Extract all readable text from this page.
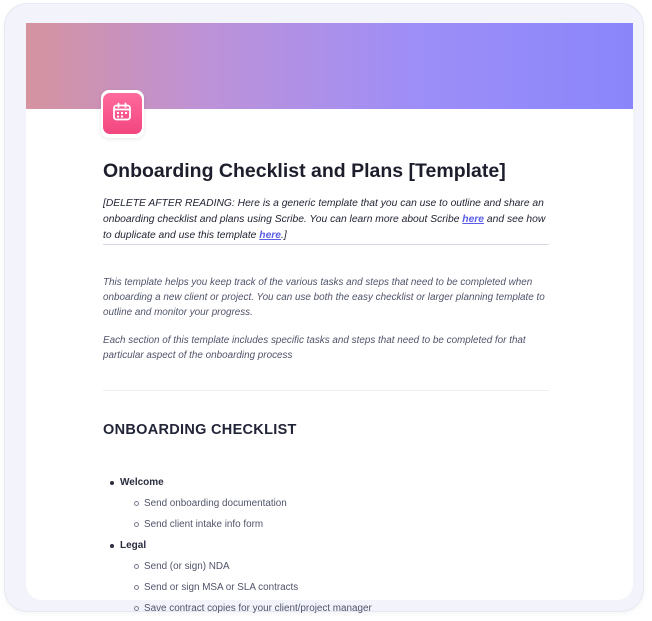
Onboarding Checklist and Plans [Template]

[DELETE AFTER READING: Here is a generic template that you can use to outline and share an onboarding checklist and plans using Scribe. You can learn more about Scribe here and see how to duplicate and use this template here.]

This template helps you keep track of the various tasks and steps that need to be completed when onboarding a new client or project. You can use both the easy checklist or larger planning template to outline and monitor your progress.

Each section of this template includes specific tasks and steps that need to be completed for that particular aspect of the onboarding process

ONBOARDING CHECKLIST
Welcome
Send onboarding documentation
Send client intake info form
Legal
Send (or sign) NDA
Send or sign MSA or SLA contracts
Save contract copies for your client/project manager
